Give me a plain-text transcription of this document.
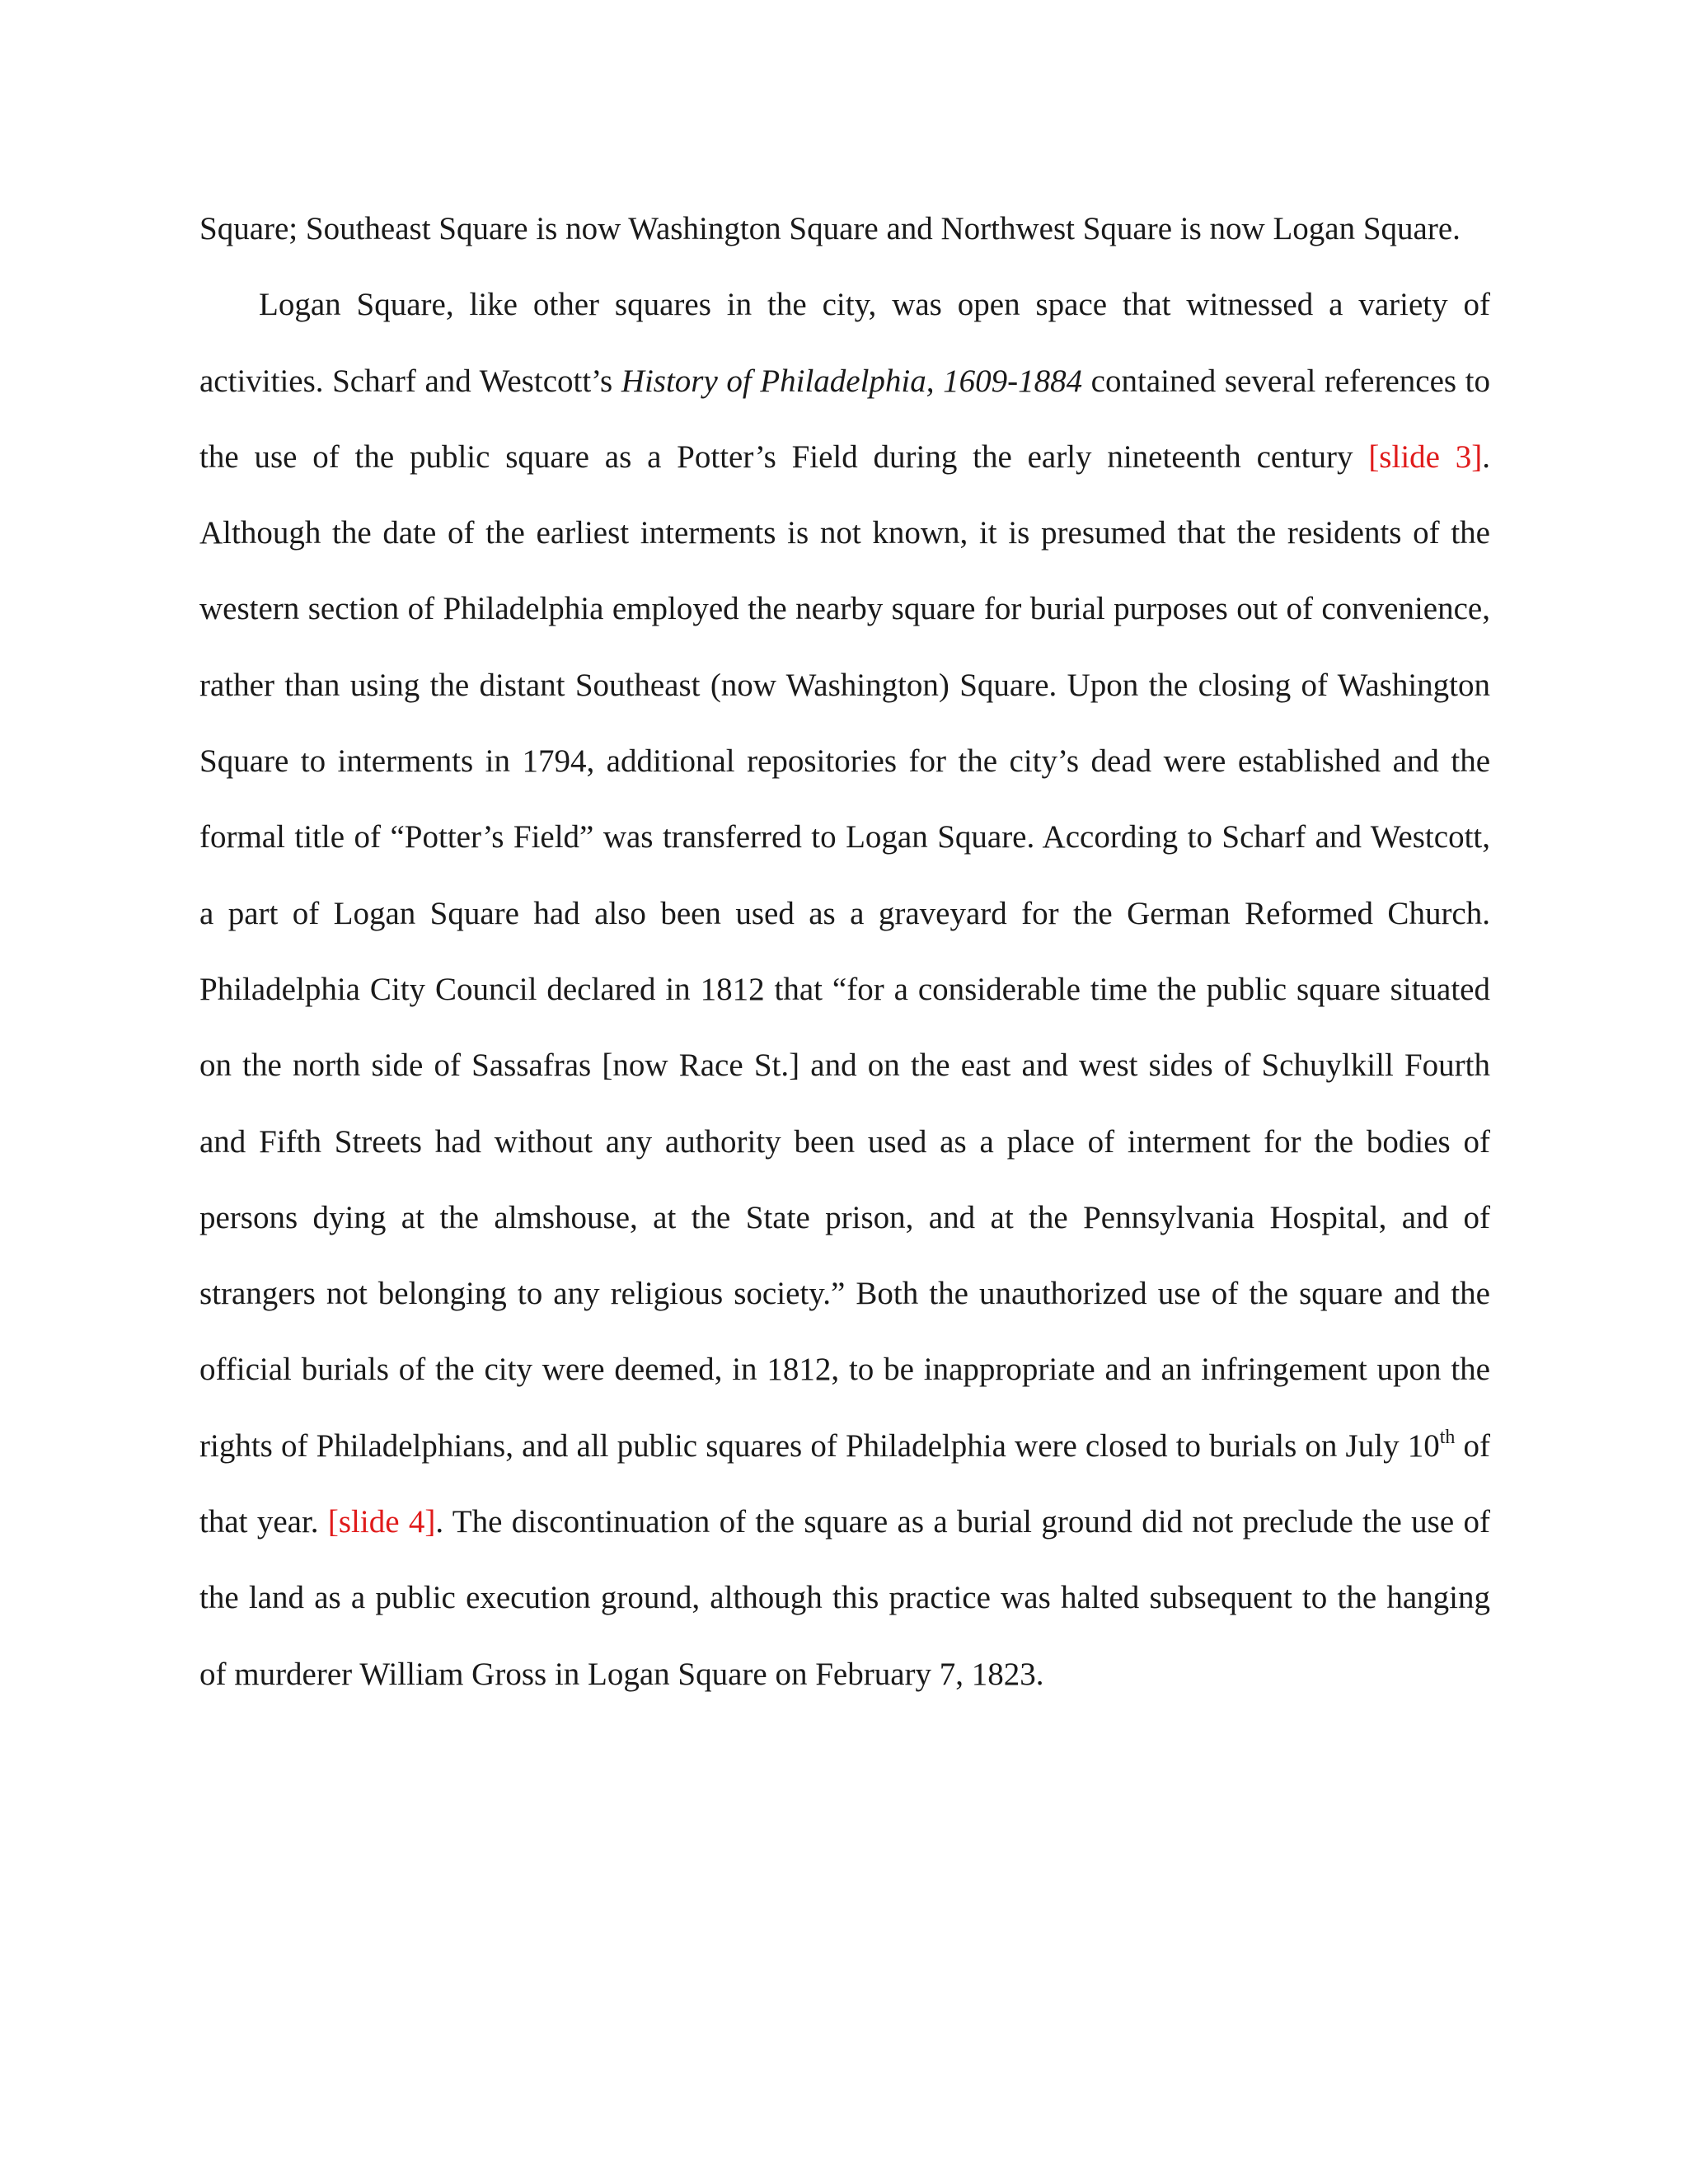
Square; Southeast Square is now Washington Square and Northwest Square is now Logan Square.

Logan Square, like other squares in the city, was open space that witnessed a variety of activities. Scharf and Westcott’s History of Philadelphia, 1609-1884 contained several references to the use of the public square as a Potter’s Field during the early nineteenth century [slide 3]. Although the date of the earliest interments is not known, it is presumed that the residents of the western section of Philadelphia employed the nearby square for burial purposes out of convenience, rather than using the distant Southeast (now Washington) Square. Upon the closing of Washington Square to interments in 1794, additional repositories for the city’s dead were established and the formal title of “Potter’s Field” was transferred to Logan Square. According to Scharf and Westcott, a part of Logan Square had also been used as a graveyard for the German Reformed Church. Philadelphia City Council declared in 1812 that “for a considerable time the public square situated on the north side of Sassafras [now Race St.] and on the east and west sides of Schuylkill Fourth and Fifth Streets had without any authority been used as a place of interment for the bodies of persons dying at the almshouse, at the State prison, and at the Pennsylvania Hospital, and of strangers not belonging to any religious society.” Both the unauthorized use of the square and the official burials of the city were deemed, in 1812, to be inappropriate and an infringement upon the rights of Philadelphians, and all public squares of Philadelphia were closed to burials on July 10th of that year. [slide 4]. The discontinuation of the square as a burial ground did not preclude the use of the land as a public execution ground, although this practice was halted subsequent to the hanging of murderer William Gross in Logan Square on February 7, 1823.
